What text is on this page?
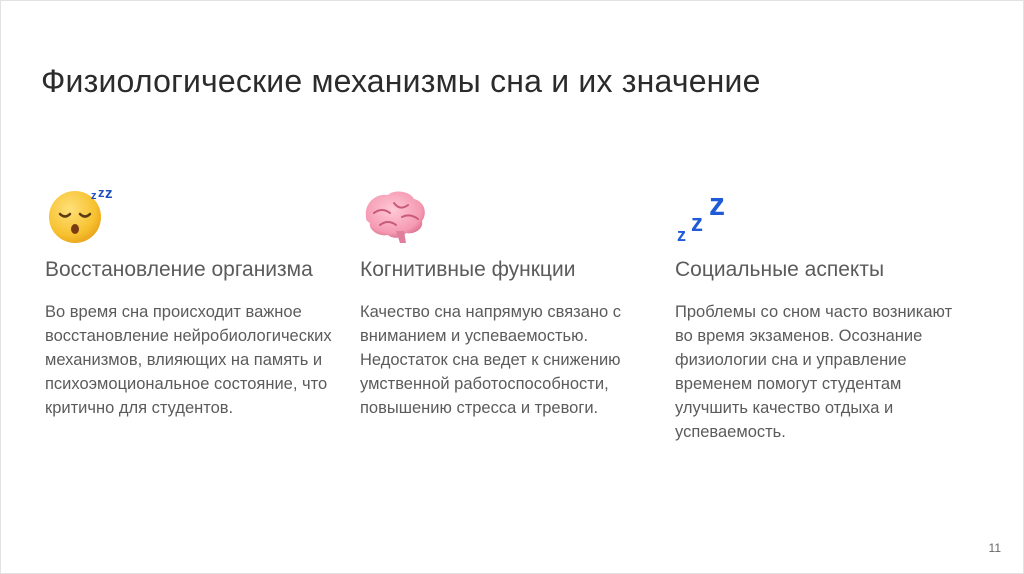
Физиологические механизмы сна и их значение
z z z
Восстановление организма

Во время сна происходит важное восстановление нейробиологических механизмов, влияющих на память и психоэмоциональное состояние, что критично для студентов.

Когнитивные функции

Качество сна напрямую связано с вниманием и успеваемостью. Недостаток сна ведет к снижению умственной работоспособности, повышению стресса и тревоги.

z z
z
Социальные аспекты

Проблемы со сном часто возникают во время экзаменов. Осознание физиологии сна и управление временем помогут студентам улучшить качество отдыха и успеваемость.

11
